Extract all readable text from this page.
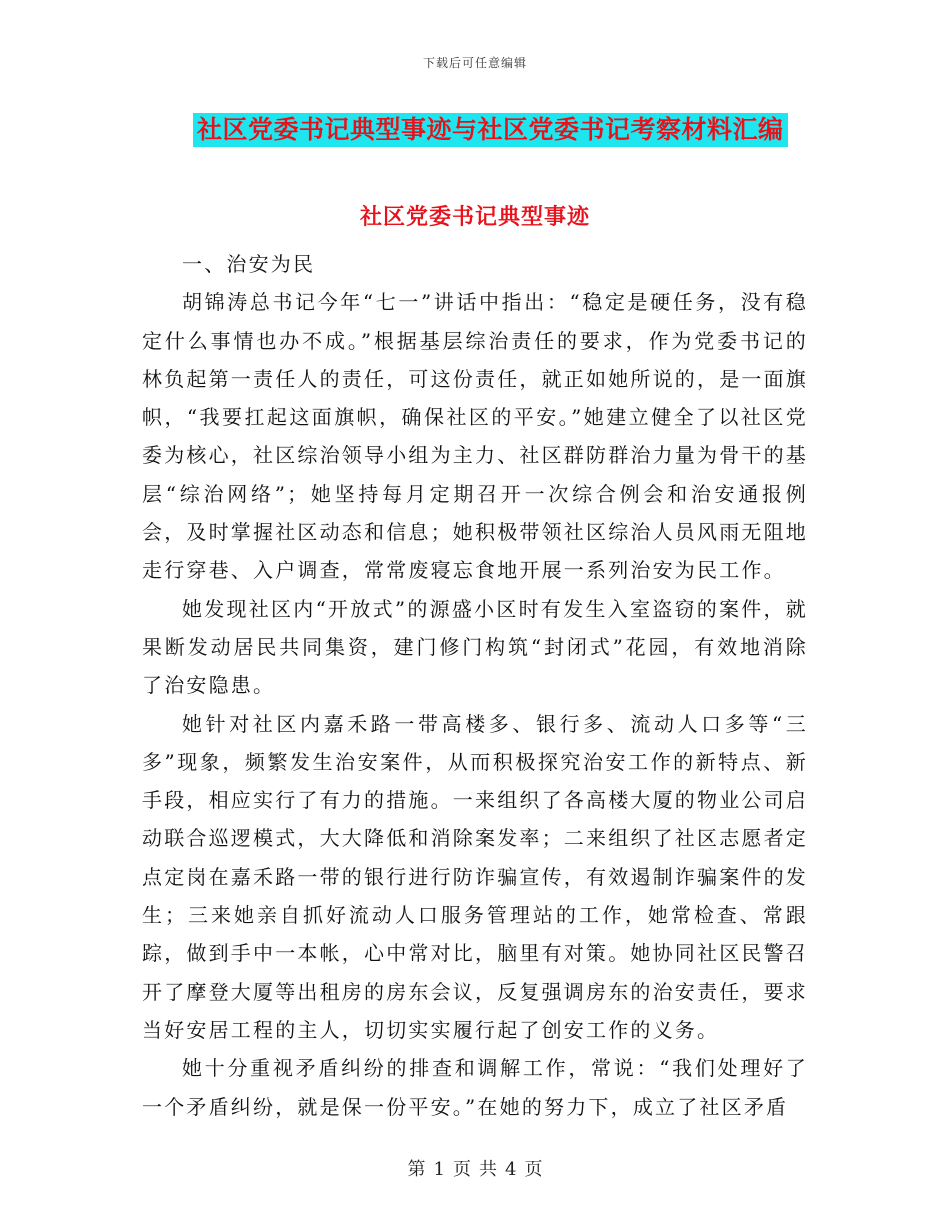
下载后可任意编辑
社区党委书记典型事迹与社区党委书记考察材料汇编
社区党委书记典型事迹

一、治安为民

胡锦涛总书记今年“七一”讲话中指出：“稳定是硬任务，没有稳定什么事情也办不成。”根据基层综治责任的要求，作为党委书记的林负起第一责任人的责任，可这份责任，就正如她所说的，是一面旗帜，“我要扛起这面旗帜，确保社区的平安。”她建立健全了以社区党委为核心，社区综治领导小组为主力、社区群防群治力量为骨干的基层“综治网络”；她坚持每月定期召开一次综合例会和治安通报例会，及时掌握社区动态和信息；她积极带领社区综治人员风雨无阻地走行穿巷、入户调查，常常废寝忘食地开展一系列治安为民工作。

她发现社区内“开放式”的源盛小区时有发生入室盗窃的案件，就果断发动居民共同集资，建门修门构筑“封闭式”花园，有效地消除了治安隐患。

她针对社区内嘉禾路一带高楼多、银行多、流动人口多等“三多”现象，频繁发生治安案件，从而积极探究治安工作的新特点、新手段，相应实行了有力的措施。一来组织了各高楼大厦的物业公司启动联合巡逻模式，大大降低和消除案发率；二来组织了社区志愿者定点定岗在嘉禾路一带的银行进行防诈骗宣传，有效遏制诈骗案件的发生；三来她亲自抓好流动人口服务管理站的工作，她常检查、常跟踪，做到手中一本帐，心中常对比，脑里有对策。她协同社区民警召开了摩登大厦等出租房的房东会议，反复强调房东的治安责任，要求当好安居工程的主人，切切实实履行起了创安工作的义务。

她十分重视矛盾纠纷的排查和调解工作，常说：“我们处理好了一个矛盾纠纷，就是保一份平安。”在她的努力下，成立了社区矛盾

第 1 页 共 4 页
